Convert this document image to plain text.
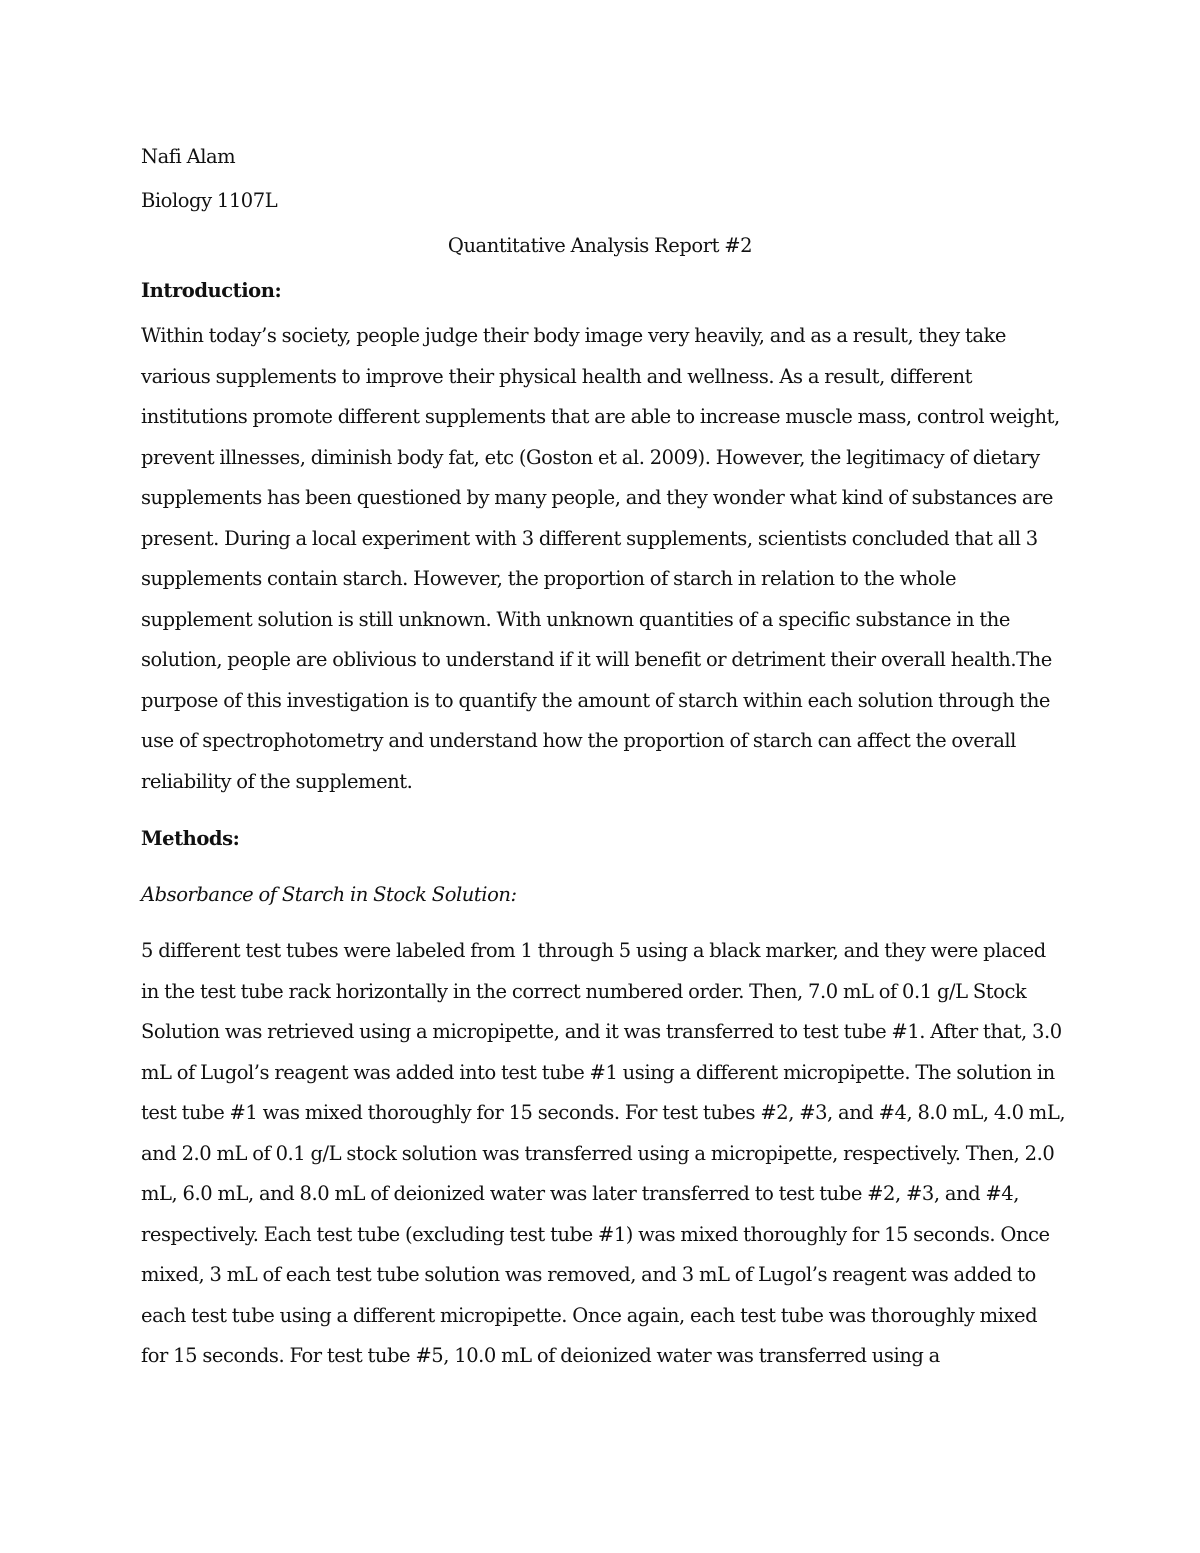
Nafi Alam
Biology 1107L
Quantitative Analysis Report #2
Introduction:
Within today’s society, people judge their body image very heavily, and as a result, they take
various supplements to improve their physical health and wellness. As a result, different
institutions promote different supplements that are able to increase muscle mass, control weight,
prevent illnesses, diminish body fat, etc (Goston et al. 2009). However, the legitimacy of dietary
supplements has been questioned by many people, and they wonder what kind of substances are
present. During a local experiment with 3 different supplements, scientists concluded that all 3
supplements contain starch. However, the proportion of starch in relation to the whole
supplement solution is still unknown. With unknown quantities of a specific substance in the
solution, people are oblivious to understand if it will benefit or detriment their overall health.The
purpose of this investigation is to quantify the amount of starch within each solution through the
use of spectrophotometry and understand how the proportion of starch can affect the overall
reliability of the supplement.
Methods:
Absorbance of Starch in Stock Solution:
5 different test tubes were labeled from 1 through 5 using a black marker, and they were placed
in the test tube rack horizontally in the correct numbered order. Then, 7.0 mL of 0.1 g/L Stock
Solution was retrieved using a micropipette, and it was transferred to test tube #1. After that, 3.0
mL of Lugol’s reagent was added into test tube #1 using a different micropipette. The solution in
test tube #1 was mixed thoroughly for 15 seconds. For test tubes #2, #3, and #4, 8.0 mL, 4.0 mL,
and 2.0 mL of 0.1 g/L stock solution was transferred using a micropipette, respectively. Then, 2.0
mL, 6.0 mL, and 8.0 mL of deionized water was later transferred to test tube #2, #3, and #4,
respectively. Each test tube (excluding test tube #1) was mixed thoroughly for 15 seconds. Once
mixed, 3 mL of each test tube solution was removed, and 3 mL of Lugol’s reagent was added to
each test tube using a different micropipette. Once again, each test tube was thoroughly mixed
for 15 seconds. For test tube #5, 10.0 mL of deionized water was transferred using a
